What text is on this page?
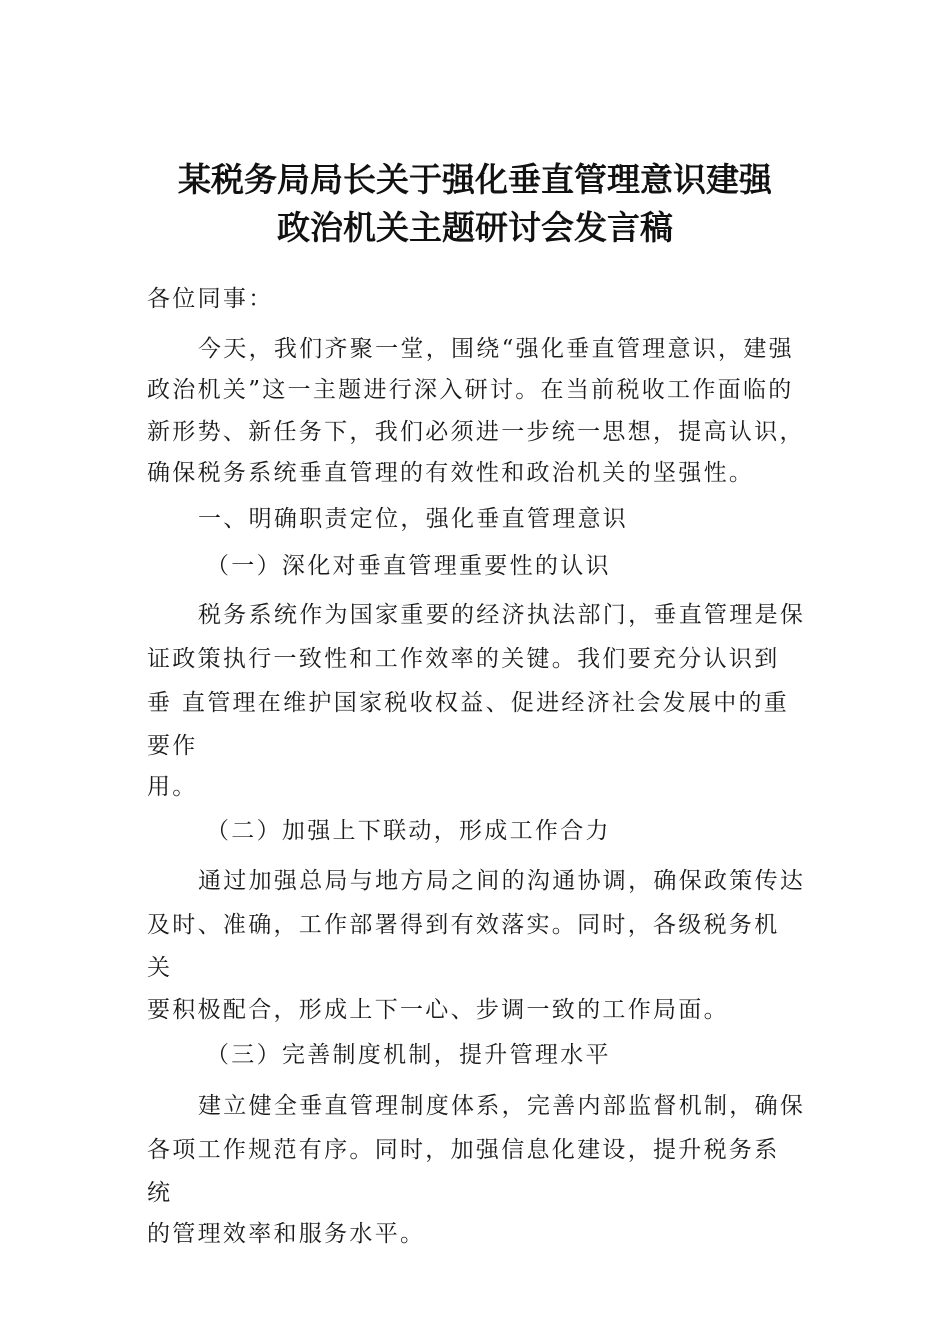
某税务局局长关于强化垂直管理意识建强
政治机关主题研讨会发言稿
各位同事：
今天，我们齐聚一堂，围绕“强化垂直管理意识，建强
政治机关”这一主题进行深入研讨。在当前税收工作面临的
新形势、新任务下，我们必须进一步统一思想，提高认识，
确保税务系统垂直管理的有效性和政治机关的坚强性。
一、明确职责定位，强化垂直管理意识
（一）深化对垂直管理重要性的认识
税务系统作为国家重要的经济执法部门，垂直管理是保
证政策执行一致性和工作效率的关键。我们要充分认识到
垂 直管理在维护国家税收权益、促进经济社会发展中的重
要作
用。
（二）加强上下联动，形成工作合力
通过加强总局与地方局之间的沟通协调，确保政策传达
及时、准确，工作部署得到有效落实。同时，各级税务机
关
要积极配合，形成上下一心、步调一致的工作局面。
（三）完善制度机制，提升管理水平
建立健全垂直管理制度体系，完善内部监督机制，确保
各项工作规范有序。同时，加强信息化建设，提升税务系
统
的管理效率和服务水平。
